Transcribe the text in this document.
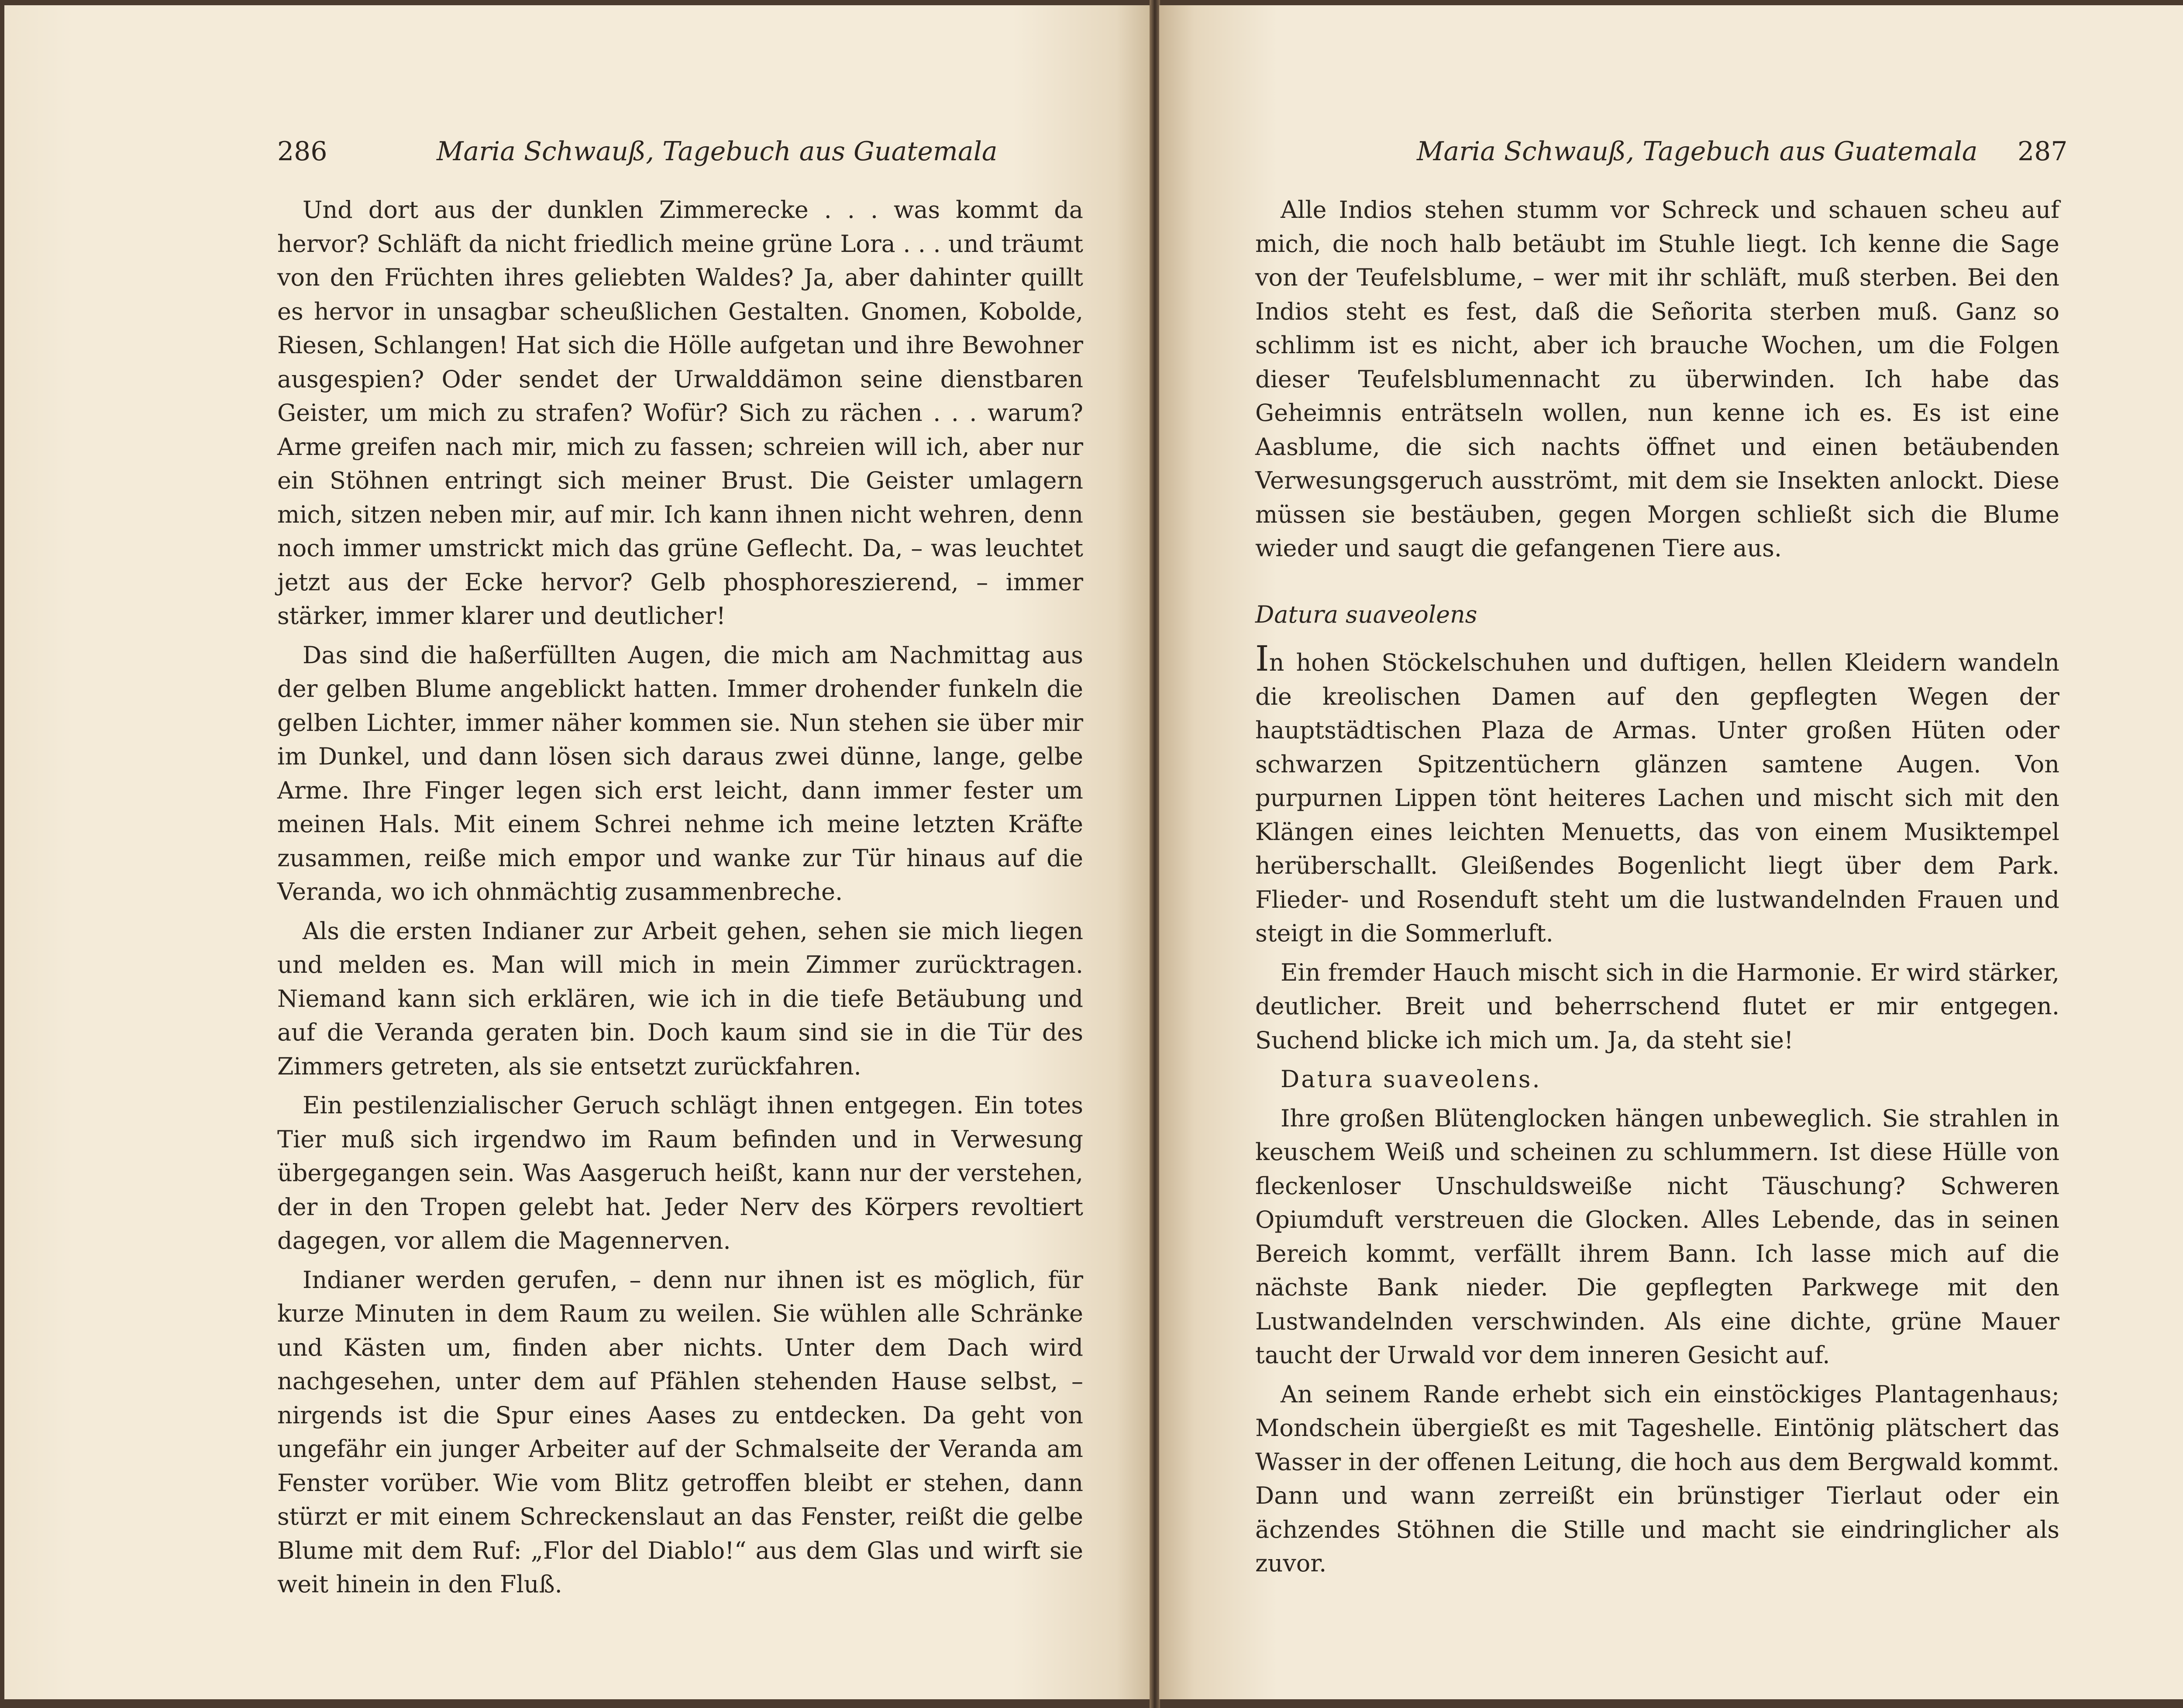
286	Maria Schwauß, Tagebuch aus Guatemala

Und dort aus der dunklen Zimmerecke . . . was kommt da hervor? Schläft da nicht friedlich meine grüne Lora . . . und träumt von den Früchten ihres geliebten Waldes? Ja, aber dahinter quillt es hervor in unsagbar scheußlichen Gestalten. Gnomen, Kobolde, Riesen, Schlangen! Hat sich die Hölle aufgetan und ihre Bewohner ausgespien? Oder sendet der Urwalddämon seine dienstbaren Geister, um mich zu strafen? Wofür? Sich zu rächen . . . warum? Arme greifen nach mir, mich zu fassen; schreien will ich, aber nur ein Stöhnen entringt sich meiner Brust. Die Geister umlagern mich, sitzen neben mir, auf mir. Ich kann ihnen nicht wehren, denn noch immer umstrickt mich das grüne Geflecht. Da, – was leuchtet jetzt aus der Ecke hervor? Gelb phosphoreszierend, – immer stärker, immer klarer und deutlicher!

Das sind die haßerfüllten Augen, die mich am Nachmittag aus der gelben Blume angeblickt hatten. Immer drohender funkeln die gelben Lichter, immer näher kommen sie. Nun stehen sie über mir im Dunkel, und dann lösen sich daraus zwei dünne, lange, gelbe Arme. Ihre Finger legen sich erst leicht, dann immer fester um meinen Hals. Mit einem Schrei nehme ich meine letzten Kräfte zusammen, reiße mich empor und wanke zur Tür hinaus auf die Veranda, wo ich ohnmächtig zusammenbreche.

Als die ersten Indianer zur Arbeit gehen, sehen sie mich liegen und melden es. Man will mich in mein Zimmer zurücktragen. Niemand kann sich erklären, wie ich in die tiefe Betäubung und auf die Veranda geraten bin. Doch kaum sind sie in die Tür des Zimmers getreten, als sie entsetzt zurückfahren.

Ein pestilenzialischer Geruch schlägt ihnen entgegen. Ein totes Tier muß sich irgendwo im Raum befinden und in Verwesung übergegangen sein. Was Aasgeruch heißt, kann nur der verstehen, der in den Tropen gelebt hat. Jeder Nerv des Körpers revoltiert dagegen, vor allem die Magennerven.

Indianer werden gerufen, – denn nur ihnen ist es möglich, für kurze Minuten in dem Raum zu weilen. Sie wühlen alle Schränke und Kästen um, finden aber nichts. Unter dem Dach wird nachgesehen, unter dem auf Pfählen stehenden Hause selbst, – nirgends ist die Spur eines Aases zu entdecken. Da geht von ungefähr ein junger Arbeiter auf der Schmalseite der Veranda am Fenster vorüber. Wie vom Blitz getroffen bleibt er stehen, dann stürzt er mit einem Schreckenslaut an das Fenster, reißt die gelbe Blume mit dem Ruf: „Flor del Diablo!“ aus dem Glas und wirft sie weit hinein in den Fluß.

Maria Schwauß, Tagebuch aus Guatemala 287

Alle Indios stehen stumm vor Schreck und schauen scheu auf mich, die noch halb betäubt im Stuhle liegt. Ich kenne die Sage von der Teufelsblume, – wer mit ihr schläft, muß sterben. Bei den Indios steht es fest, daß die Señorita sterben muß. Ganz so schlimm ist es nicht, aber ich brauche Wochen, um die Folgen dieser Teufelsblumennacht zu überwinden. Ich habe das Geheimnis enträtseln wollen, nun kenne ich es. Es ist eine Aasblume, die sich nachts öffnet und einen betäubenden Verwesungsgeruch ausströmt, mit dem sie Insekten anlockt. Diese müssen sie bestäuben, gegen Morgen schließt sich die Blume wieder und saugt die gefangenen Tiere aus.

Datura suaveolens

In hohen Stöckelschuhen und duftigen, hellen Kleidern wandeln die kreolischen Damen auf den gepflegten Wegen der hauptstädtischen Plaza de Armas. Unter großen Hüten oder schwarzen Spitzentüchern glänzen samtene Augen. Von purpurnen Lippen tönt heiteres Lachen und mischt sich mit den Klängen eines leichten Menuetts, das von einem Musiktempel herüberschallt. Gleißendes Bogenlicht liegt über dem Park. Flieder- und Rosenduft steht um die lustwandelnden Frauen und steigt in die Sommerluft.

Ein fremder Hauch mischt sich in die Harmonie. Er wird stärker, deutlicher. Breit und beherrschend flutet er mir entgegen. Suchend blicke ich mich um. Ja, da steht sie!

Datura suaveolens.

Ihre großen Blütenglocken hängen unbeweglich. Sie strahlen in keuschem Weiß und scheinen zu schlummern. Ist diese Hülle von fleckenloser Unschuldsweiße nicht Täuschung? Schweren Opiumduft verstreuen die Glocken. Alles Lebende, das in seinen Bereich kommt, verfällt ihrem Bann. Ich lasse mich auf die nächste Bank nieder. Die gepflegten Parkwege mit den Lustwandelnden verschwinden. Als eine dichte, grüne Mauer taucht der Urwald vor dem inneren Gesicht auf.

An seinem Rande erhebt sich ein einstöckiges Plantagenhaus; Mondschein übergießt es mit Tageshelle. Eintönig plätschert das Wasser in der offenen Leitung, die hoch aus dem Bergwald kommt. Dann und wann zerreißt ein brünstiger Tierlaut oder ein ächzendes Stöhnen die Stille und macht sie eindringlicher als zuvor.
